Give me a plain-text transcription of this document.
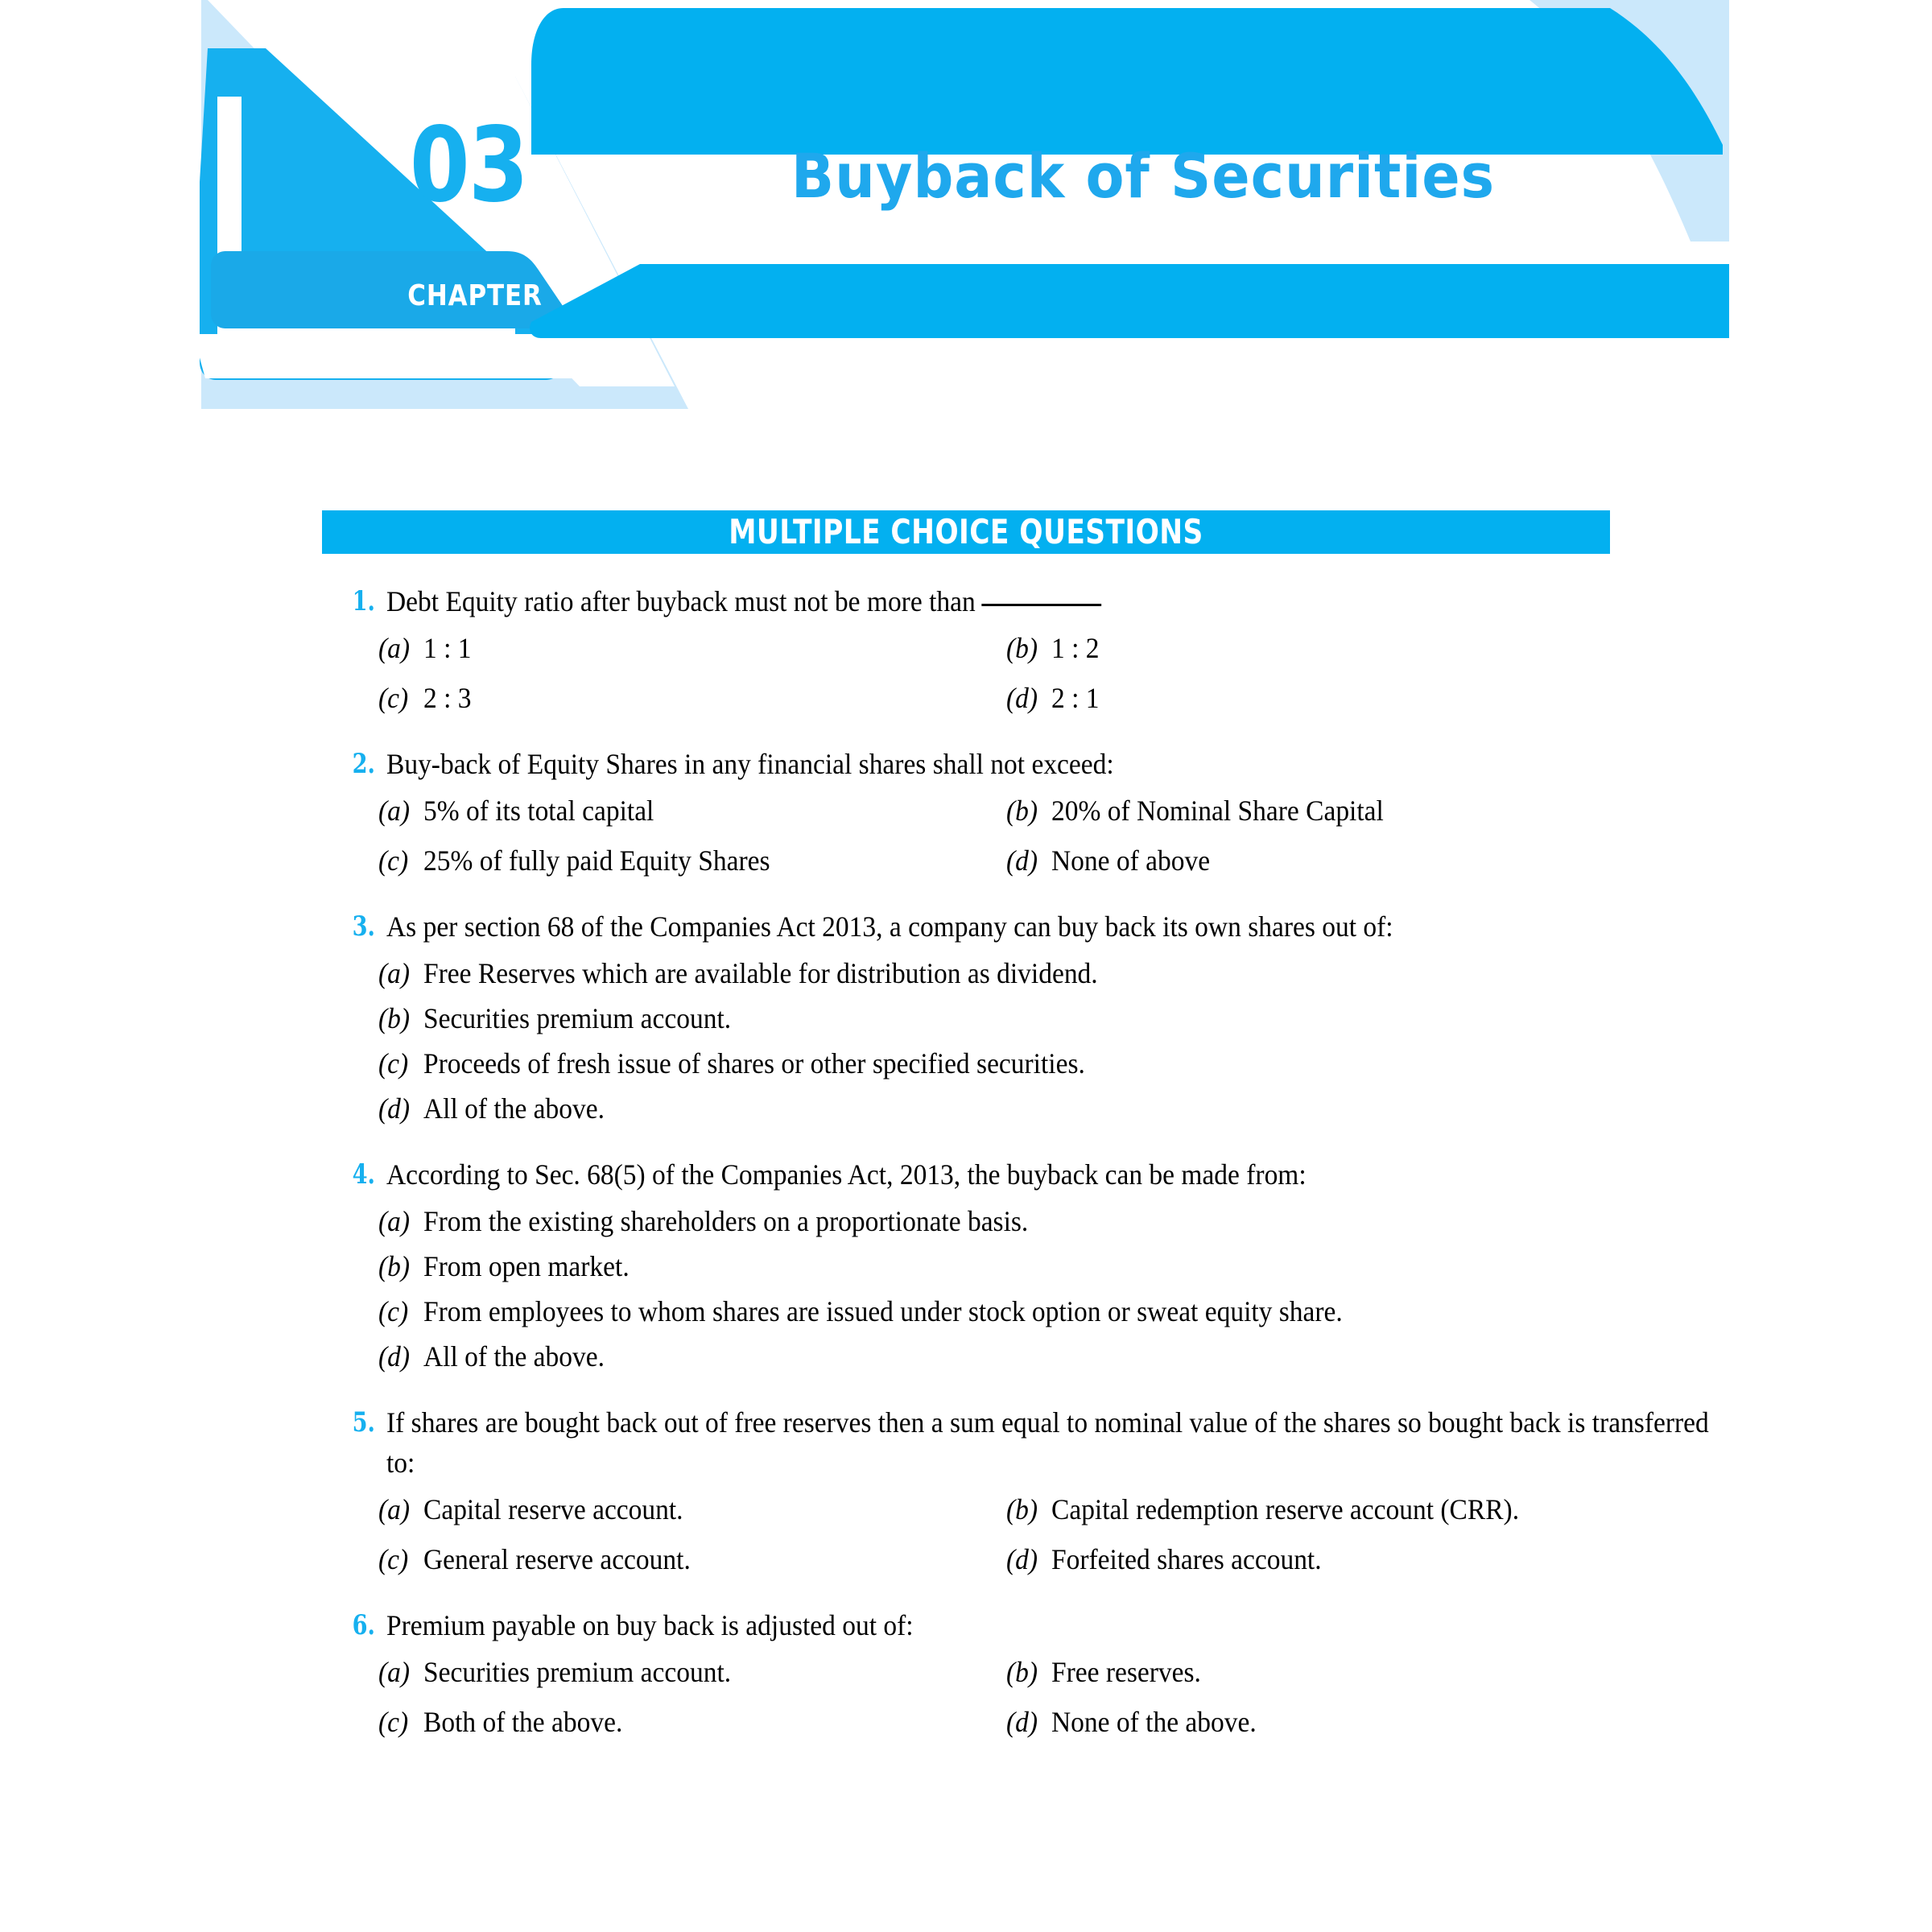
03
CHAPTER
Buyback of Securities
MULTIPLE CHOICE QUESTIONS
1. Debt Equity ratio after buyback must not be more than
(a) 1 : 1	(b) 1 : 2
(c) 2 : 3	(d) 2 : 1
2. Buy-back of Equity Shares in any financial shares shall not exceed:
(a) 5% of its total capital	(b) 20% of Nominal Share Capital
(c) 25% of fully paid Equity Shares	(d) None of above
3. As per section 68 of the Companies Act 2013, a company can buy back its own shares out of:
(a) Free Reserves which are available for distribution as dividend.
(b) Securities premium account.
(c) Proceeds of fresh issue of shares or other specified securities.
(d) All of the above.
4. According to Sec. 68(5) of the Companies Act, 2013, the buyback can be made from:
(a) From the existing shareholders on a proportionate basis.
(b) From open market.
(c) From employees to whom shares are issued under stock option or sweat equity share.
(d) All of the above.
5. If shares are bought back out of free reserves then a sum equal to nominal value of the shares so bought back is transferred to:
(a) Capital reserve account.	(b) Capital redemption reserve account (CRR).
(c) General reserve account.	(d) Forfeited shares account.
6. Premium payable on buy back is adjusted out of:
(a) Securities premium account.	(b) Free reserves.
(c) Both of the above.	(d) None of the above.
